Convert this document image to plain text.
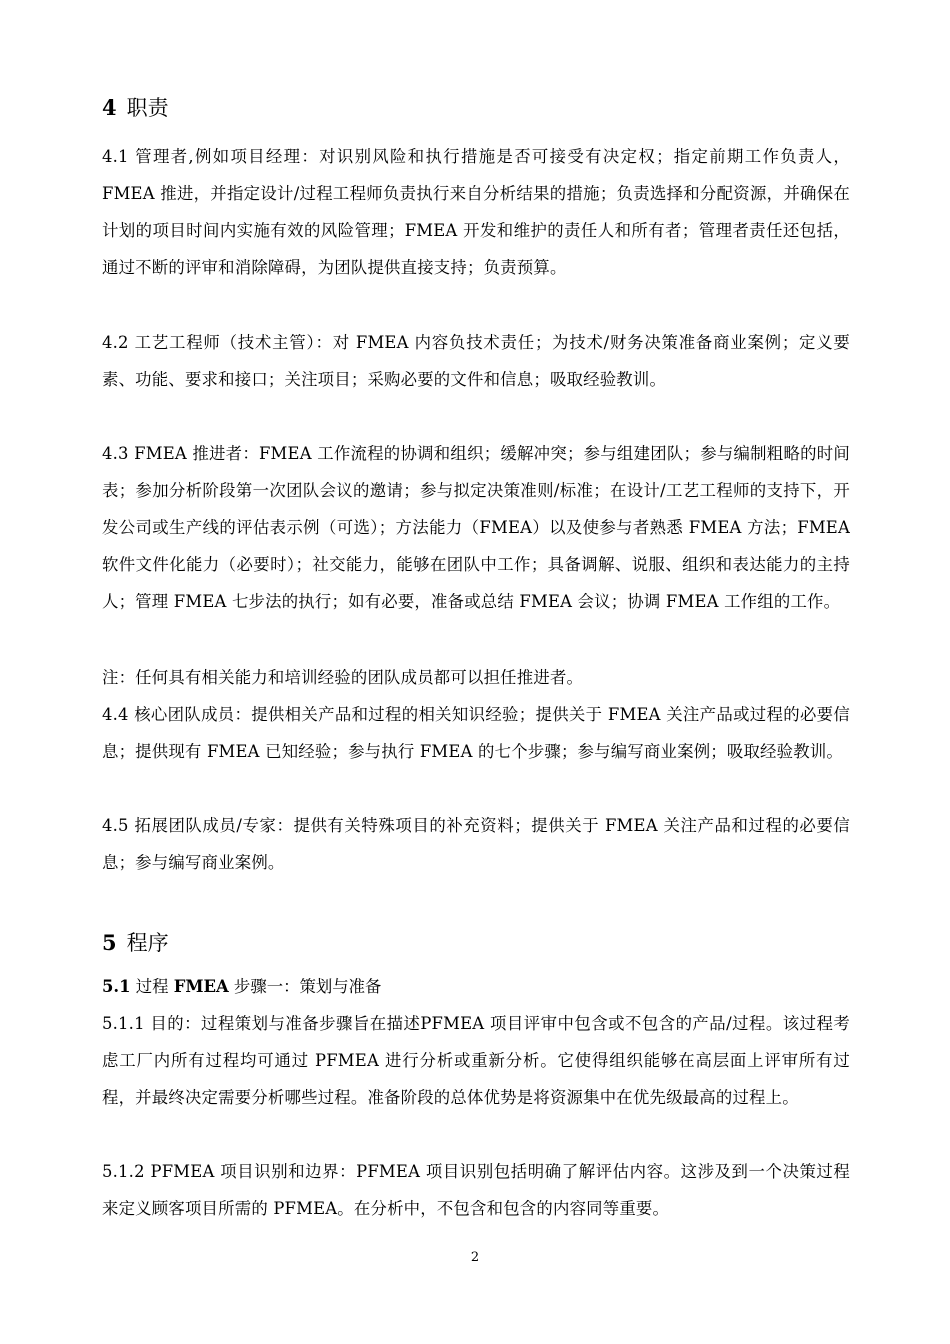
4 职责
4.1 管理者,例如项目经理：对识别风险和执行措施是否可接受有决定权；指定前期工作负责人，FMEA 推进，并指定设计/过程工程师负责执行来自分析结果的措施；负责选择和分配资源，并确保在计划的项目时间内实施有效的风险管理；FMEA 开发和维护的责任人和所有者；管理者责任还包括，通过不断的评审和消除障碍，为团队提供直接支持；负责预算。
4.2 工艺工程师（技术主管）：对 FMEA 内容负技术责任；为技术/财务决策准备商业案例；定义要素、功能、要求和接口；关注项目；采购必要的文件和信息；吸取经验教训。
4.3 FMEA 推进者：FMEA 工作流程的协调和组织；缓解冲突；参与组建团队；参与编制粗略的时间表；参加分析阶段第一次团队会议的邀请；参与拟定决策准则/标准；在设计/工艺工程师的支持下，开发公司或生产线的评估表示例（可选）；方法能力（FMEA）以及使参与者熟悉 FMEA 方法；FMEA 软件文件化能力（必要时）；社交能力，能够在团队中工作；具备调解、说服、组织和表达能力的主持人；管理 FMEA 七步法的执行；如有必要，准备或总结 FMEA 会议；协调 FMEA 工作组的工作。
注：任何具有相关能力和培训经验的团队成员都可以担任推进者。
4.4 核心团队成员：提供相关产品和过程的相关知识经验；提供关于 FMEA 关注产品或过程的必要信息；提供现有 FMEA 已知经验；参与执行 FMEA 的七个步骤；参与编写商业案例；吸取经验教训。
4.5 拓展团队成员/专家：提供有关特殊项目的补充资料；提供关于 FMEA 关注产品和过程的必要信息；参与编写商业案例。
5 程序
5.1 过程 FMEA 步骤一：策划与准备
5.1.1 目的：过程策划与准备步骤旨在描述PFMEA 项目评审中包含或不包含的产品/过程。该过程考虑工厂内所有过程均可通过 PFMEA 进行分析或重新分析。它使得组织能够在高层面上评审所有过程，并最终决定需要分析哪些过程。准备阶段的总体优势是将资源集中在优先级最高的过程上。
5.1.2 PFMEA 项目识别和边界：PFMEA 项目识别包括明确了解评估内容。这涉及到一个决策过程来定义顾客项目所需的 PFMEA。在分析中，不包含和包含的内容同等重要。
2
